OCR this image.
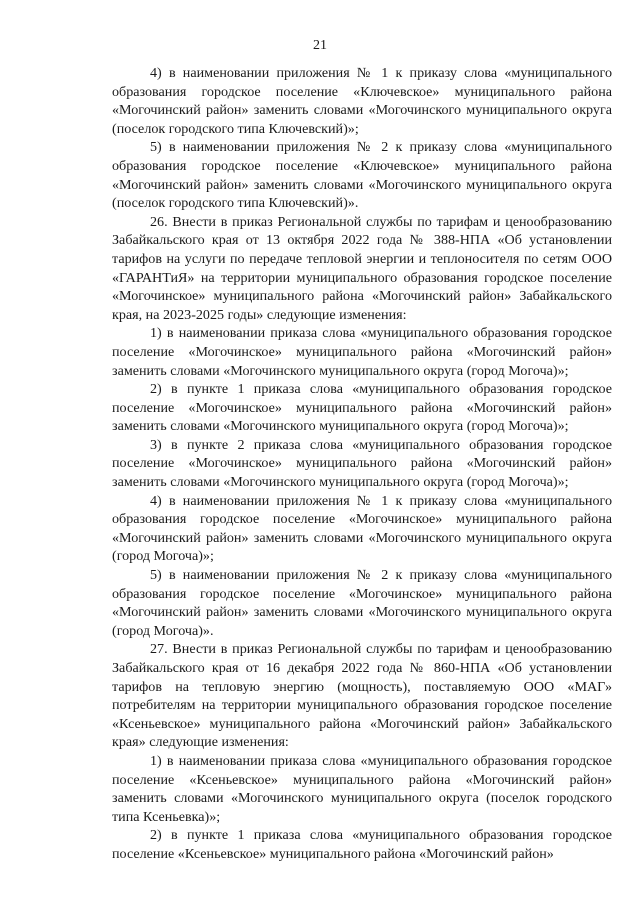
21

4) в наименовании приложения № 1 к приказу слова «муниципального образования городское поселение «Ключевское» муниципального района «Могочинский район» заменить словами «Могочинского муниципального округа (поселок городского типа Ключевский)»;

5) в наименовании приложения № 2 к приказу слова «муниципального образования городское поселение «Ключевское» муниципального района «Могочинский район» заменить словами «Могочинского муниципального округа (поселок городского типа Ключевский)».

26. Внести в приказ Региональной службы по тарифам и ценообразованию Забайкальского края от 13 октября 2022 года № 388-НПА «Об установлении тарифов на услуги по передаче тепловой энергии и теплоносителя по сетям ООО «ГАРАНТиЯ» на территории муниципального образования городское поселение «Могочинское» муниципального района «Могочинский район» Забайкальского края, на 2023-2025 годы» следующие изменения:

1) в наименовании приказа слова «муниципального образования городское поселение «Могочинское» муниципального района «Могочинский район» заменить словами «Могочинского муниципального округа (город Могоча)»;

2) в пункте 1 приказа слова «муниципального образования городское поселение «Могочинское» муниципального района «Могочинский район» заменить словами «Могочинского муниципального округа (город Могоча)»;

3) в пункте 2 приказа слова «муниципального образования городское поселение «Могочинское» муниципального района «Могочинский район» заменить словами «Могочинского муниципального округа (город Могоча)»;

4) в наименовании приложения № 1 к приказу слова «муниципального образования городское поселение «Могочинское» муниципального района «Могочинский район» заменить словами «Могочинского муниципального округа (город Могоча)»;

5) в наименовании приложения № 2 к приказу слова «муниципального образования городское поселение «Могочинское» муниципального района «Могочинский район» заменить словами «Могочинского муниципального округа (город Могоча)».

27. Внести в приказ Региональной службы по тарифам и ценообразованию Забайкальского края от 16 декабря 2022 года № 860-НПА «Об установлении тарифов на тепловую энергию (мощность), поставляемую ООО «МАГ» потребителям на территории муниципального образования городское поселение «Ксеньевское» муниципального района «Могочинский район» Забайкальского края» следующие изменения:

1) в наименовании приказа слова «муниципального образования городское поселение «Ксеньевское» муниципального района «Могочинский район» заменить словами «Могочинского муниципального округа (поселок городского типа Ксеньевка)»;

2) в пункте 1 приказа слова «муниципального образования городское поселение «Ксеньевское» муниципального района «Могочинский район»
